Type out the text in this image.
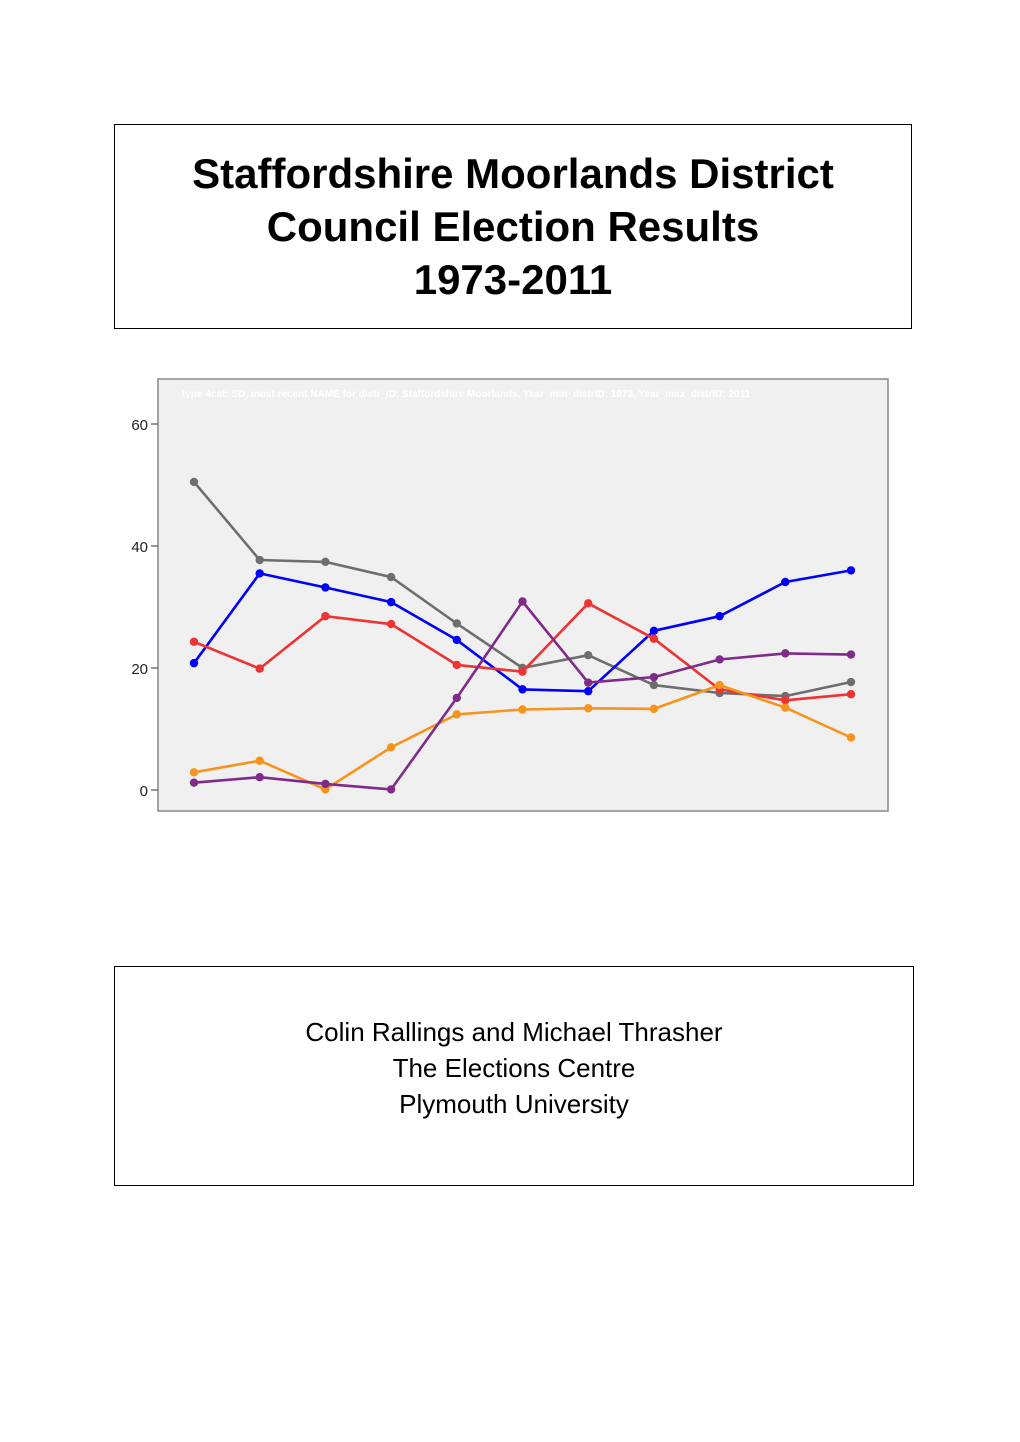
Staffordshire Moorlands District
Council Election Results
1973-2011
type 4cat: SD, most recent NAME for distr_ID: Staffordshire Moorlands, Year_min_distrID: 1973, Year_max_distrID: 2011
0
20
40
60
Colin Rallings and Michael Thrasher
The Elections Centre
Plymouth University
